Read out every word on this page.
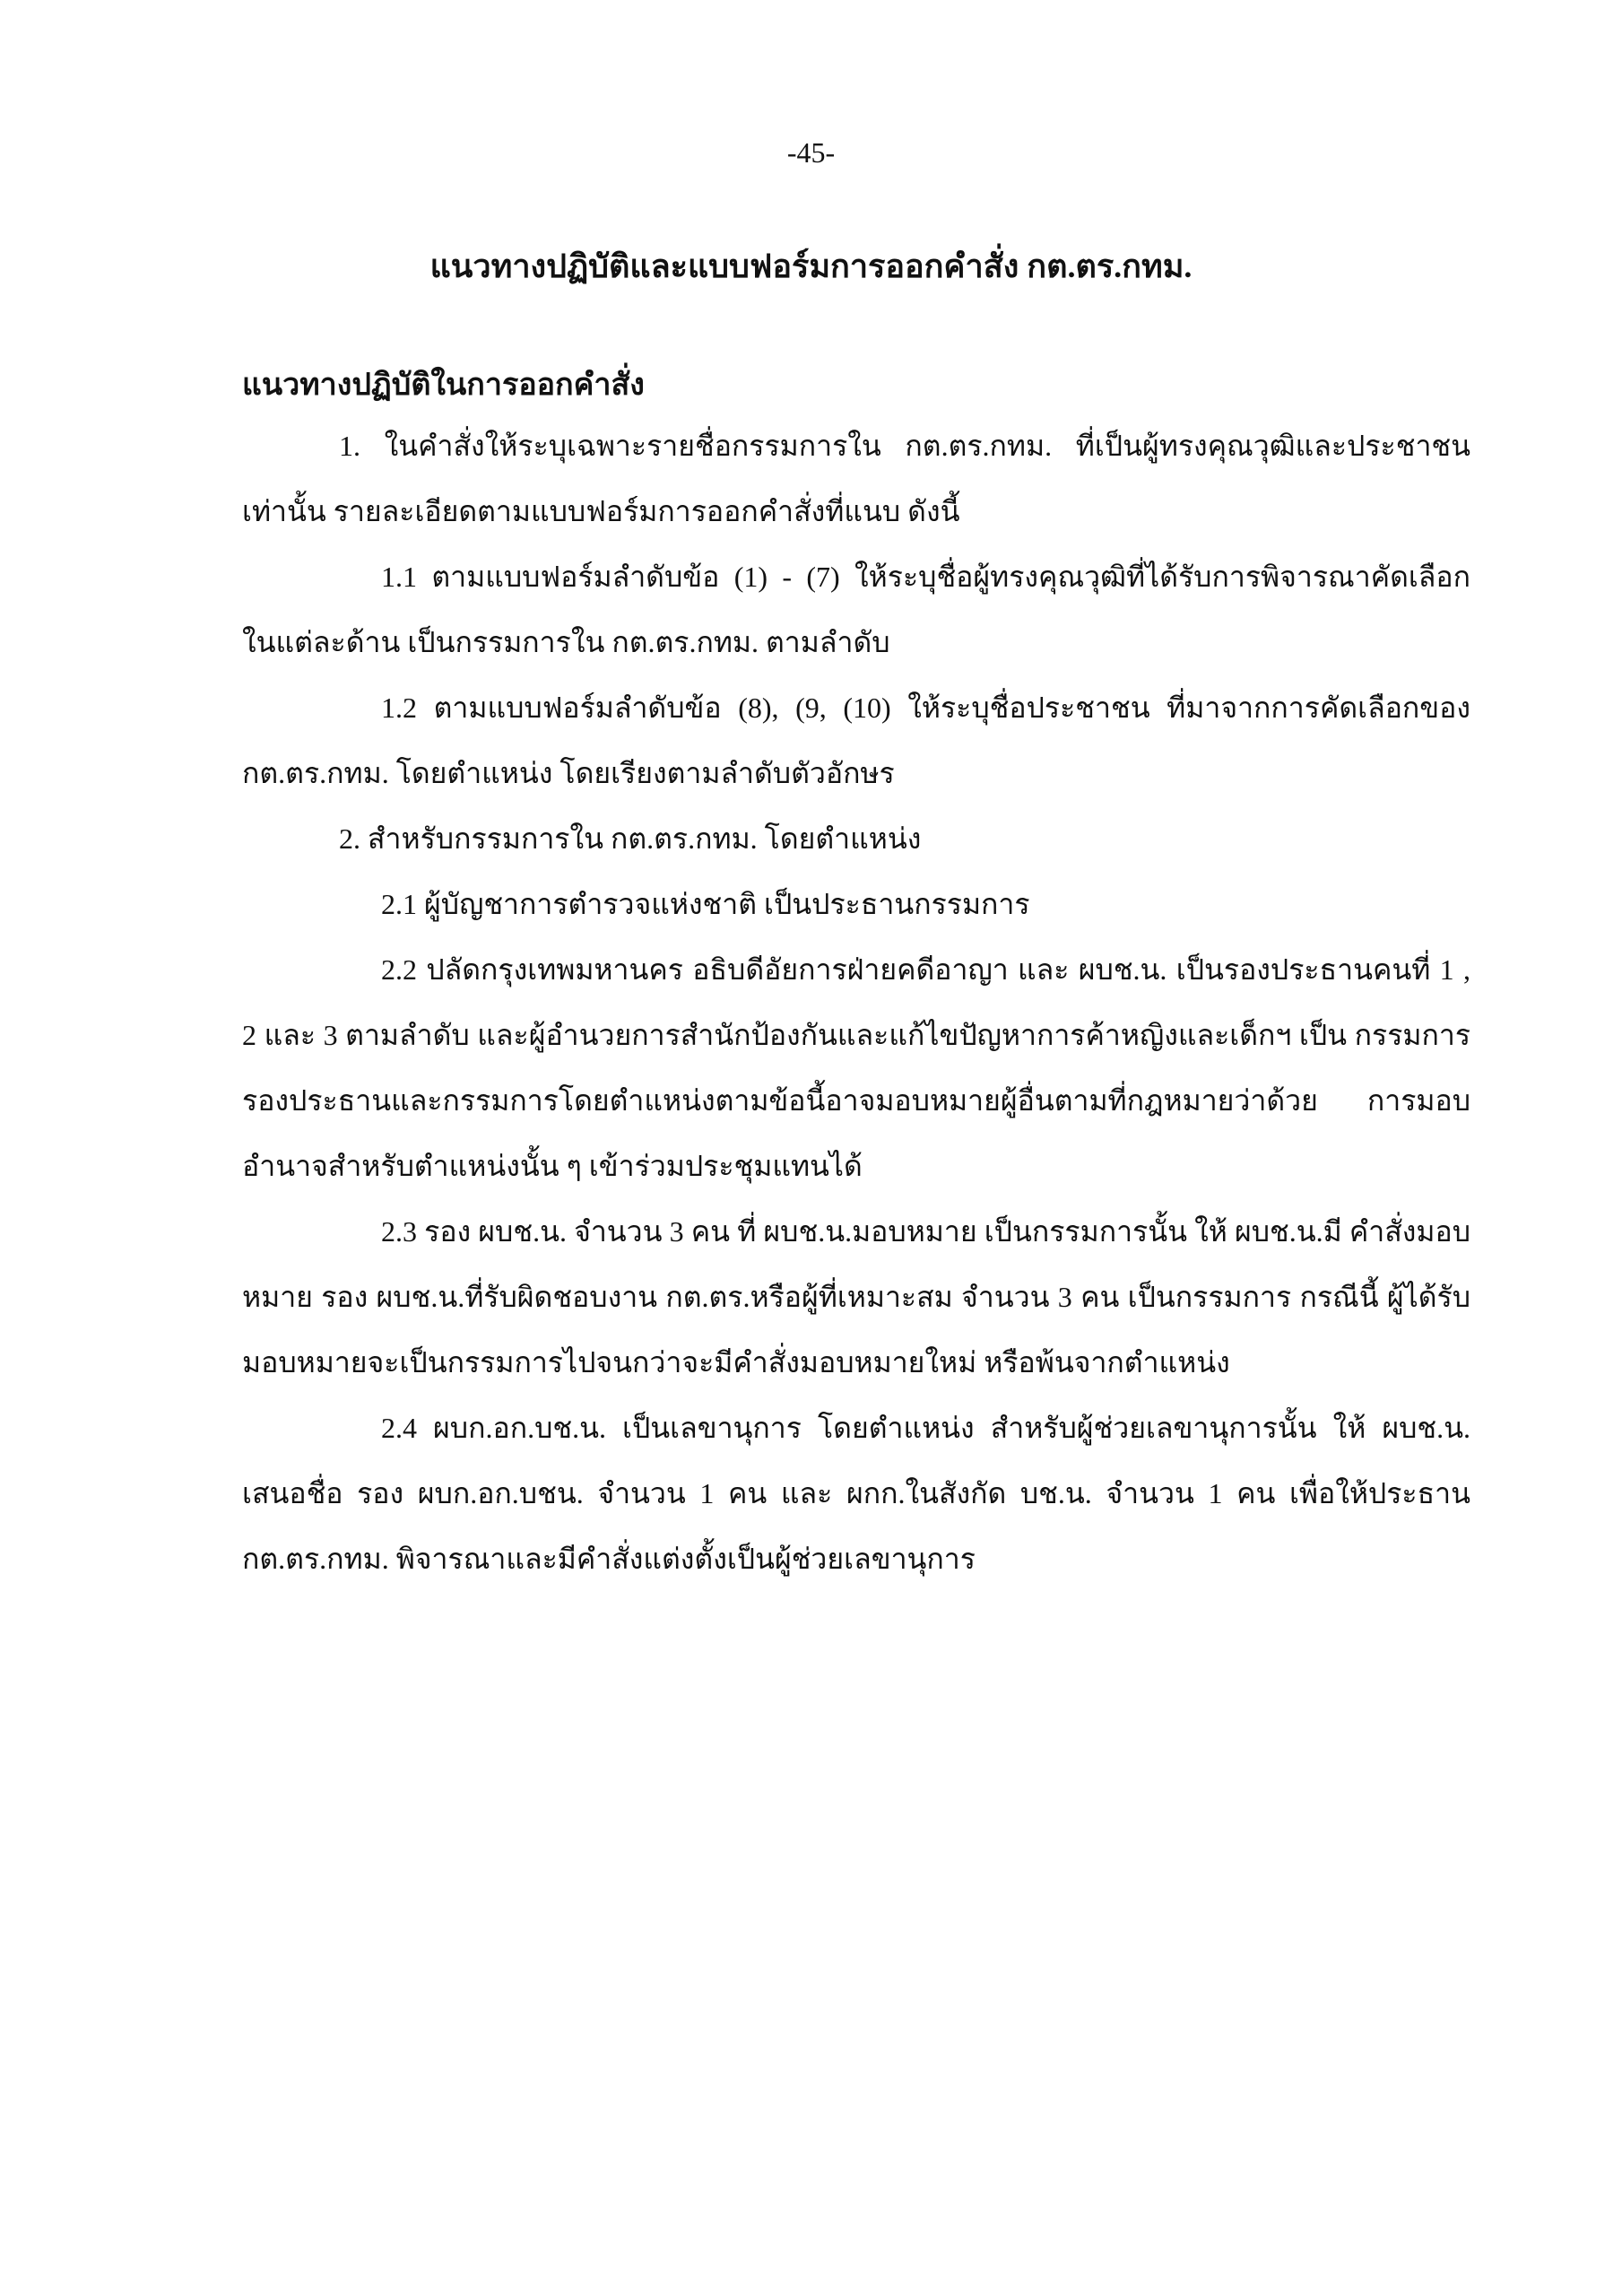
-45-
แนวทางปฏิบัติและแบบฟอร์มการออกคำสั่ง กต.ตร.กทม.
แนวทางปฏิบัติในการออกคำสั่ง

1. ในคำสั่งให้ระบุเฉพาะรายชื่อกรรมการใน กต.ตร.กทม. ที่เป็นผู้ทรงคุณวุฒิและประชาชน เท่านั้น รายละเอียดตามแบบฟอร์มการออกคำสั่งที่แนบ ดังนี้

1.1 ตามแบบฟอร์มลำดับข้อ (1) - (7) ให้ระบุชื่อผู้ทรงคุณวุฒิที่ได้รับการพิจารณาคัดเลือก ในแต่ละด้าน เป็นกรรมการใน กต.ตร.กทม. ตามลำดับ

1.2 ตามแบบฟอร์มลำดับข้อ (8), (9, (10) ให้ระบุชื่อประชาชน ที่มาจากการคัดเลือกของ กต.ตร.กทม. โดยตำแหน่ง โดยเรียงตามลำดับตัวอักษร

2. สำหรับกรรมการใน กต.ตร.กทม. โดยตำแหน่ง

2.1 ผู้บัญชาการตำรวจแห่งชาติ เป็นประธานกรรมการ

2.2 ปลัดกรุงเทพมหานคร อธิบดีอัยการฝ่ายคดีอาญา และ ผบช.น. เป็นรองประธานคนที่ 1 , 2 และ 3 ตามลำดับ และผู้อำนวยการสำนักป้องกันและแก้ไขปัญหาการค้าหญิงและเด็กฯ เป็น กรรมการ รองประธานและกรรมการโดยตำแหน่งตามข้อนี้อาจมอบหมายผู้อื่นตามที่กฎหมายว่าด้วย การมอบอำนาจสำหรับตำแหน่งนั้น ๆ เข้าร่วมประชุมแทนได้

2.3 รอง ผบช.น. จำนวน 3 คน ที่ ผบช.น.มอบหมาย เป็นกรรมการนั้น ให้ ผบช.น.มี คำสั่งมอบหมาย รอง ผบช.น.ที่รับผิดชอบงาน กต.ตร.หรือผู้ที่เหมาะสม จำนวน 3 คน เป็นกรรมการ กรณีนี้ ผู้ได้รับมอบหมายจะเป็นกรรมการไปจนกว่าจะมีคำสั่งมอบหมายใหม่ หรือพ้นจากตำแหน่ง

2.4 ผบก.อก.บช.น. เป็นเลขานุการ โดยตำแหน่ง สำหรับผู้ช่วยเลขานุการนั้น ให้ ผบช.น. เสนอชื่อ รอง ผบก.อก.บชน. จำนวน 1 คน และ ผกก.ในสังกัด บช.น. จำนวน 1 คน เพื่อให้ประธาน กต.ตร.กทม. พิจารณาและมีคำสั่งแต่งตั้งเป็นผู้ช่วยเลขานุการ
